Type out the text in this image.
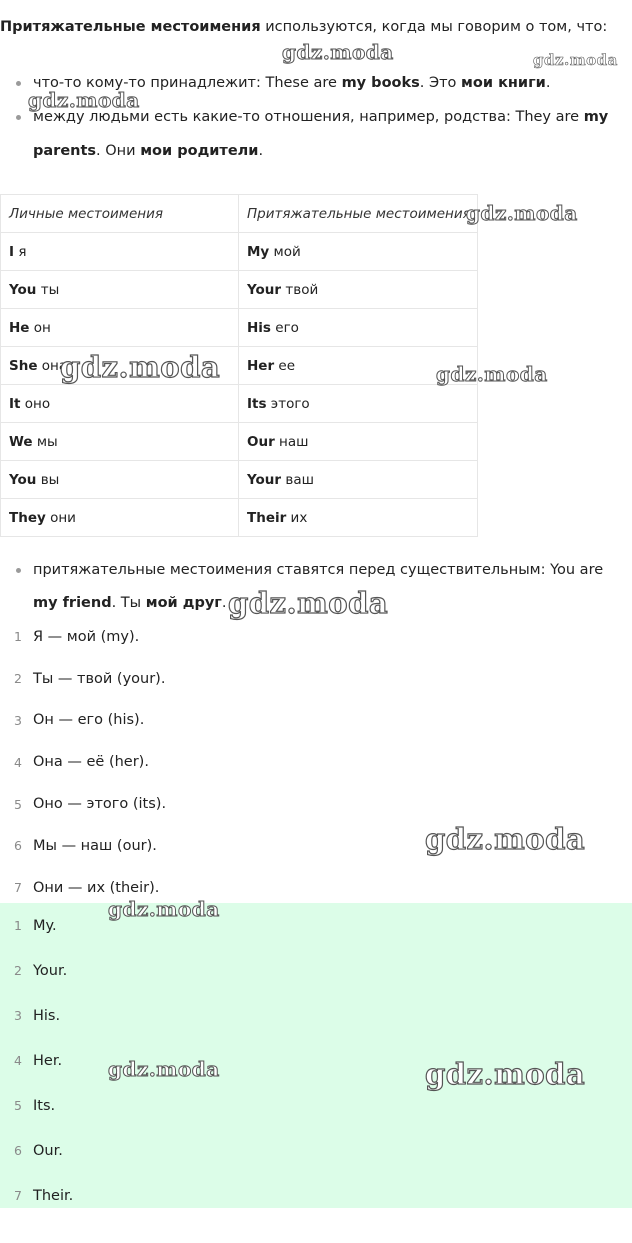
Притяжательные местоимения используются, когда мы говорим о том, что:
что-то кому-то принадлежит: These are my books. Это мои книги.
между людьми есть какие-то отношения, например, родства: They are my parents. Они мои родители.
Личные местоимения	Притяжательные местоимения
I я	My мой
You ты	Your твой
He он	His его
She она	Her ее
It оно	Its этого
We мы	Our наш
You вы	Your ваш
They они	Their их
притяжательные местоимения ставятся перед существительным: You are my friend. Ты мой друг.
1 Я — мой (my).
2 Ты — твой (your).
3 Он — его (his).
4 Она — её (her).
5 Оно — этого (its).
6 Мы — наш (our).
7 Они — их (their).
1 My.
2 Your.
3 His.
4 Her.
5 Its.
6 Our.
7 Their.
gdz.moda	gdz.moda
gdz.moda
gdz.moda
gdz.moda	gdz.moda
gdz.moda
gdz.moda
gdz.moda
gdz.moda	gdz.moda
